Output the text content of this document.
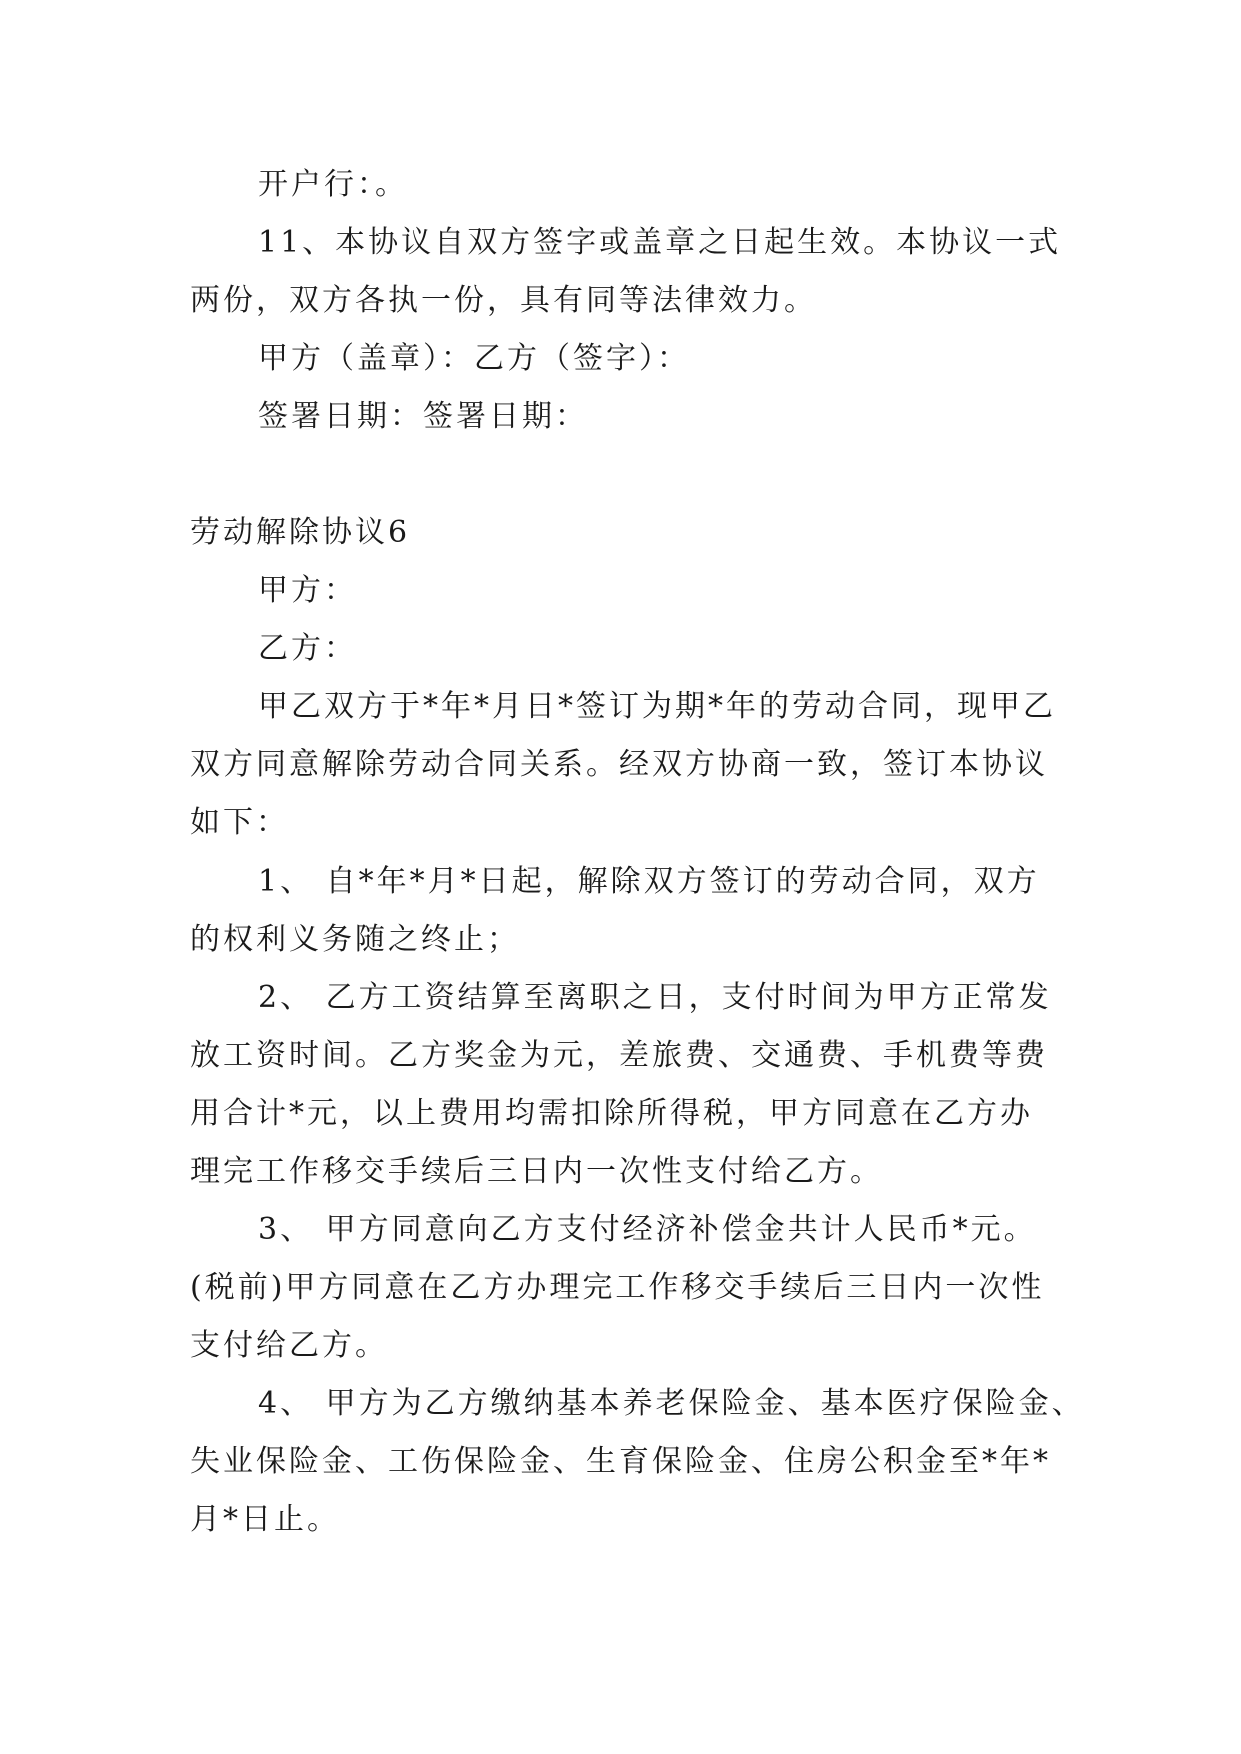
开户行：。
11、本协议自双方签字或盖章之日起生效。本协议一式
两份，双方各执一份，具有同等法律效力。
甲方（盖章）：乙方（签字）：
签署日期：签署日期：
劳动解除协议6
甲方：
乙方：
甲乙双方于*年*月日*签订为期*年的劳动合同，现甲乙
双方同意解除劳动合同关系。经双方协商一致，签订本协议
如下：
1、 自*年*月*日起，解除双方签订的劳动合同，双方
的权利义务随之终止；
2、 乙方工资结算至离职之日，支付时间为甲方正常发
放工资时间。乙方奖金为元，差旅费、交通费、手机费等费
用合计*元，以上费用均需扣除所得税，甲方同意在乙方办
理完工作移交手续后三日内一次性支付给乙方。
3、 甲方同意向乙方支付经济补偿金共计人民币*元。
(税前)甲方同意在乙方办理完工作移交手续后三日内一次性
支付给乙方。
4、 甲方为乙方缴纳基本养老保险金、基本医疗保险金、
失业保险金、工伤保险金、生育保险金、住房公积金至*年*
月*日止。
